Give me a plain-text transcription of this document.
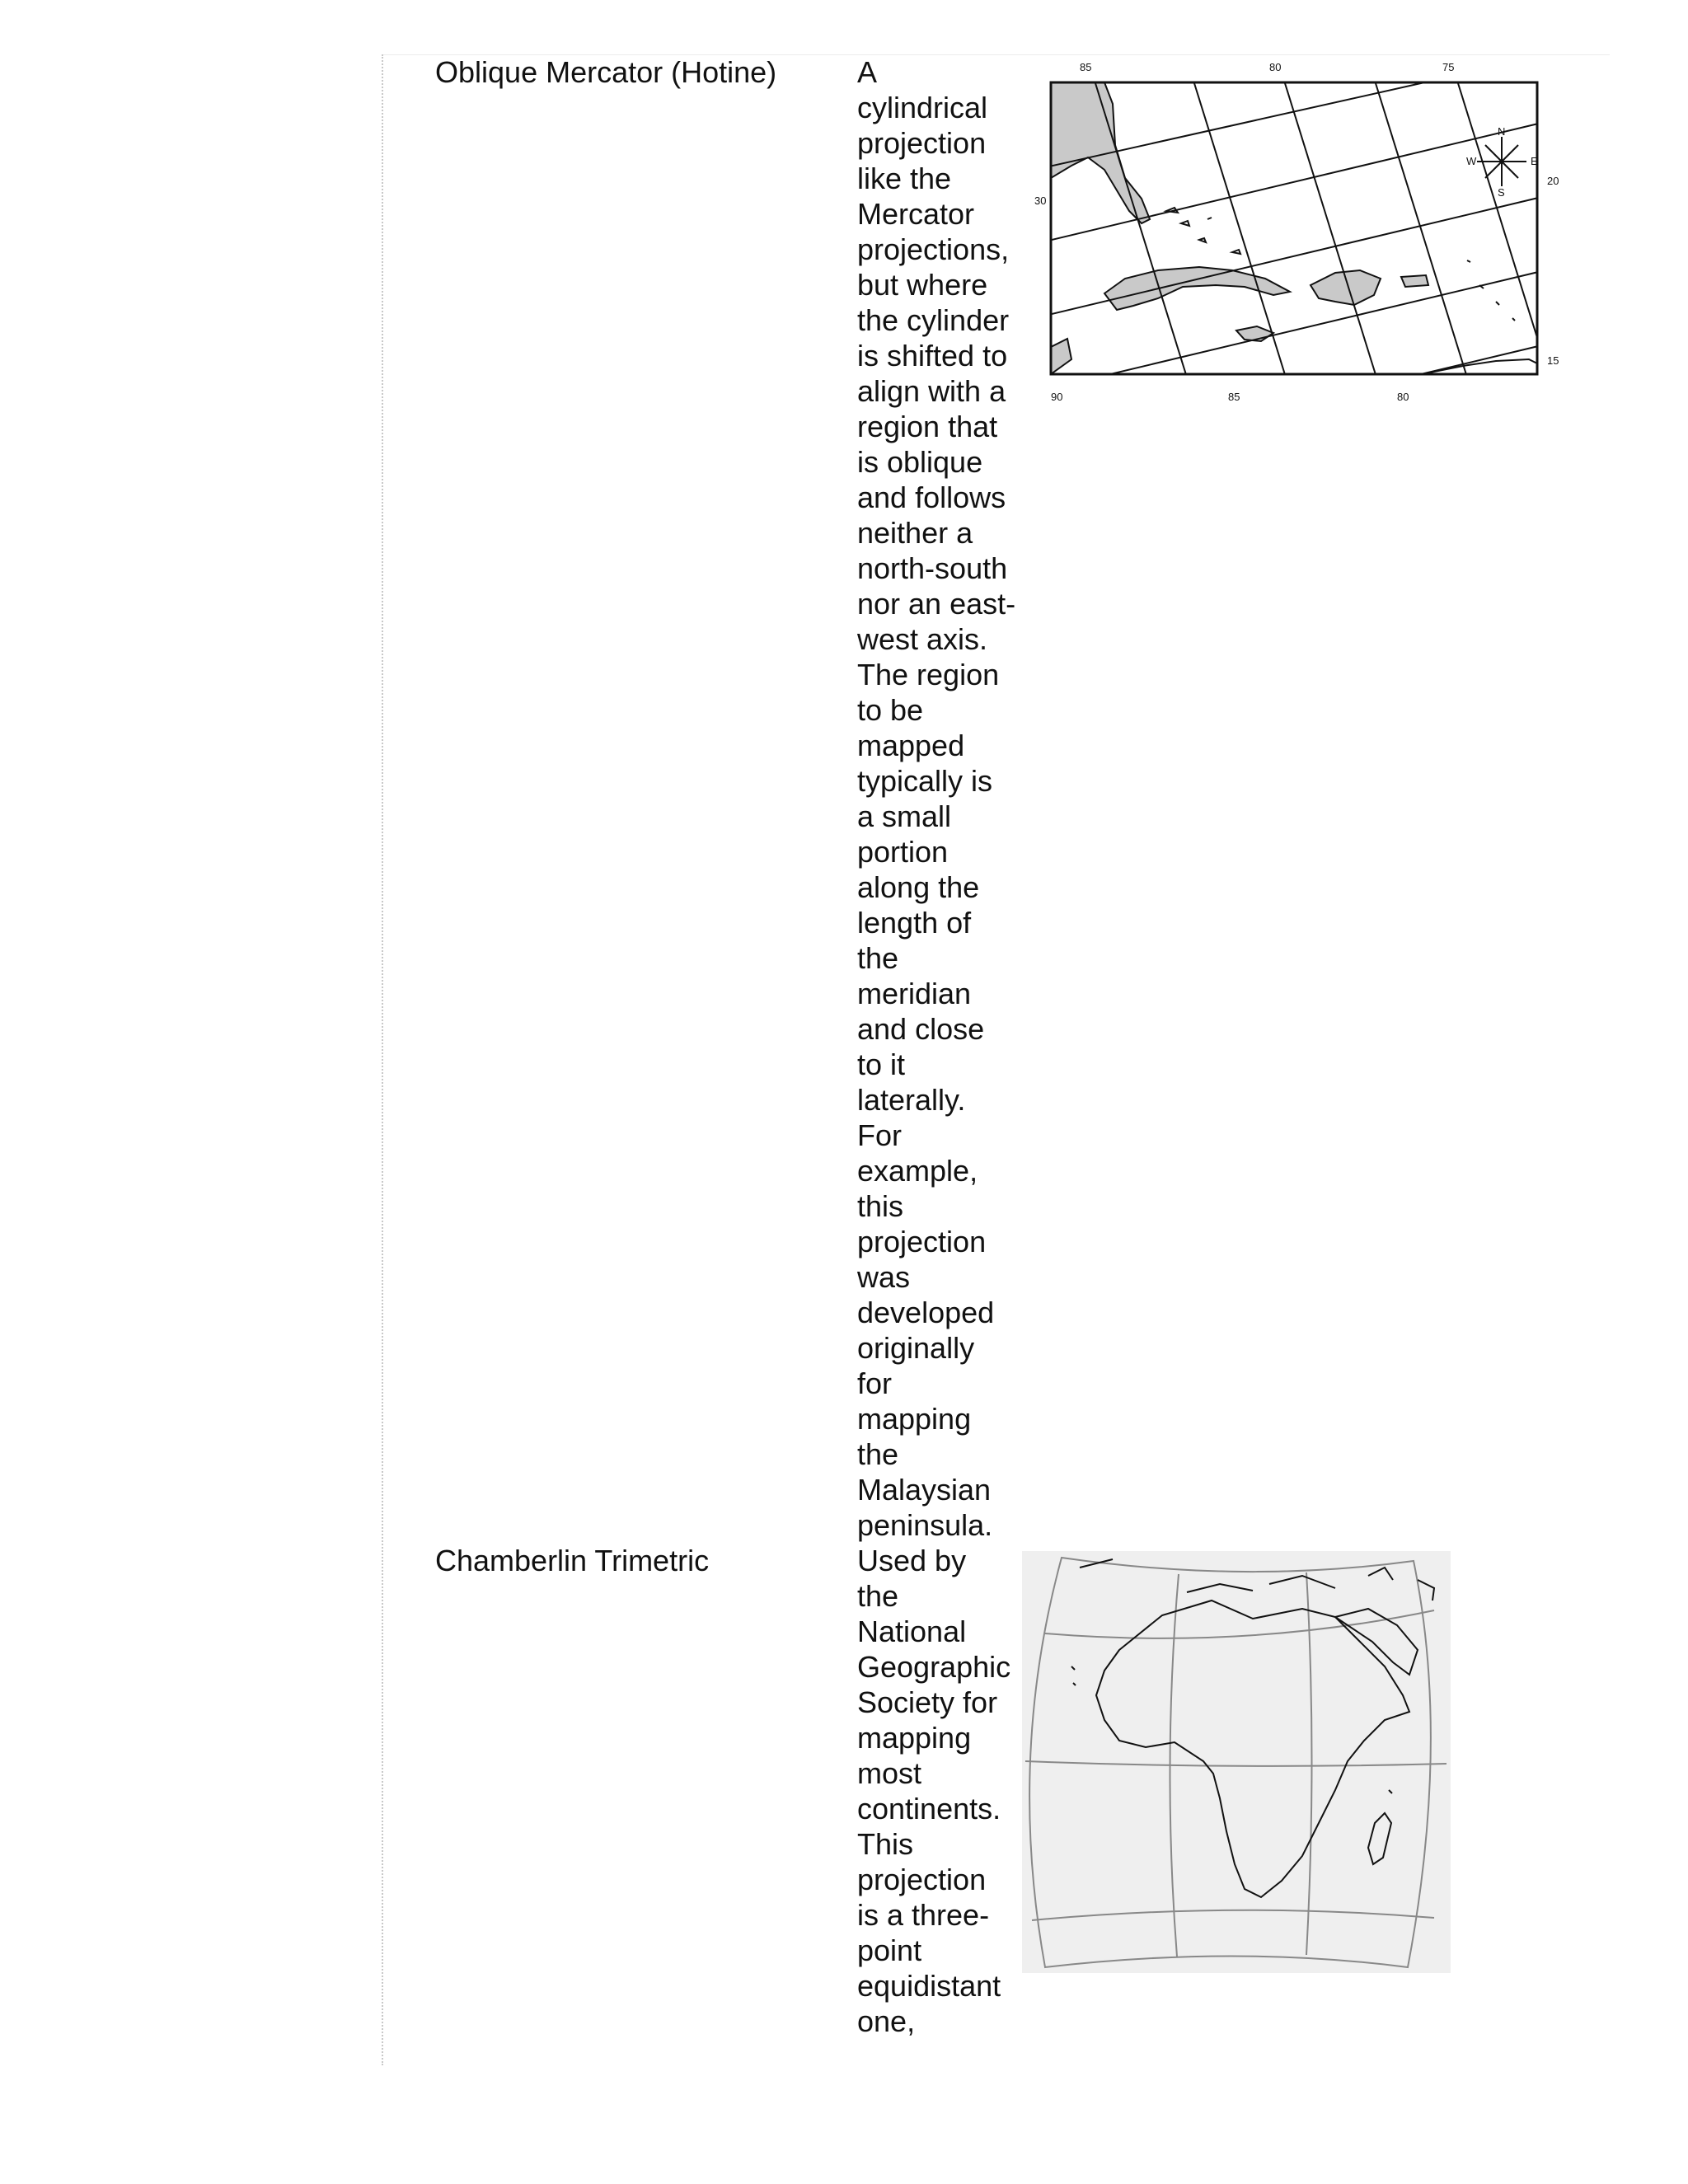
Oblique Mercator (Hotine)	A
cylindrical
projection
like the
Mercator
projections,
but where
the cylinder
is shifted to
align with a
region that
is oblique
and follows
neither a
north-south
nor an east-
west axis.
The region
to be
mapped
typically is
a small
portion
along the
length of
the
meridian
and close
to it
laterally.
For
example,
this
projection
was
developed
originally
for
mapping
the
Malaysian
peninsula.
N
E
S
W
85	80	75
90	85	80
30
20
15
Chamberlin Trimetric	Used by
the
National
Geographic
Society for
mapping
most
continents.
This
projection
is a three-
point
equidistant
one,
